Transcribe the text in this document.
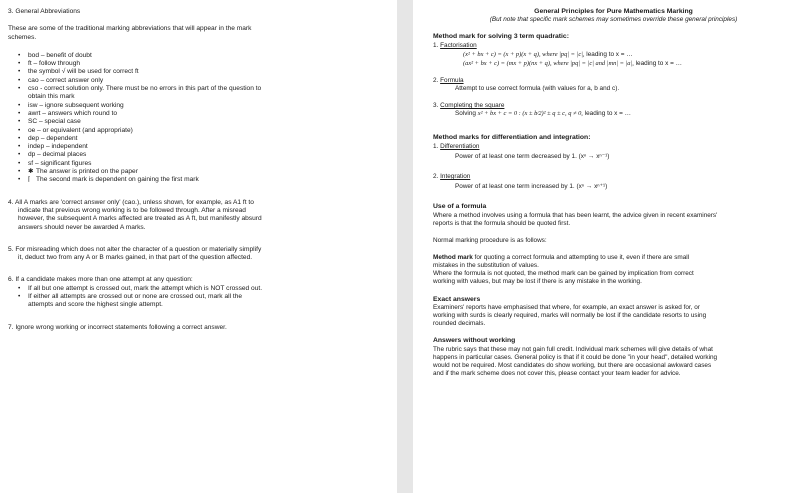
3. General Abbreviations

These are some of the traditional marking abbreviations that will appear in the mark
schemes.

• bod – benefit of doubt
• ft – follow through
• the symbol √ will be used for correct ft
• cao – correct answer only
• cso - correct solution only. There must be no errors in this part of the question to
obtain this mark
• isw – ignore subsequent working
• awrt – answers which round to
• SC – special case
• oe – or equivalent (and appropriate)
• dep – dependent
• indep – independent
• dp – decimal places
• sf – significant figures
• ✱ The answer is printed on the paper
• ⌈ The second mark is dependent on gaining the first mark

4. All A marks are 'correct answer only' (cao.), unless shown, for example, as A1 ft to
indicate that previous wrong working is to be followed through. After a misread
however, the subsequent A marks affected are treated as A ft, but manifestly absurd
answers should never be awarded A marks.

5. For misreading which does not alter the character of a question or materially simplify
it, deduct two from any A or B marks gained, in that part of the question affected.

6. If a candidate makes more than one attempt at any question:

• If all but one attempt is crossed out, mark the attempt which is NOT crossed out.
• If either all attempts are crossed out or none are crossed out, mark all the
attempts and score the highest single attempt.

7. Ignore wrong working or incorrect statements following a correct answer.

General Principles for Pure Mathematics Marking

(But note that specific mark schemes may sometimes override these general principles)

Method mark for solving 3 term quadratic:

1. Factorisation

(x² + bx + c) = (x + p)(x + q), where |pq| = |c|, leading to x = …

(ax² + bx + c) = (mx + p)(nx + q), where |pq| = |c| and |mn| = |a|, leading to x = …

2. Formula

Attempt to use correct formula (with values for a, b and c).

3. Completing the square

Solving x² + bx + c = 0 : (x ± b⁄2)² ± q ± c, q ≠ 0, leading to x = …

Method marks for differentiation and integration:

1. Differentiation

Power of at least one term decreased by 1. (xⁿ → xⁿ⁻¹)

2. Integration

Power of at least one term increased by 1. (xⁿ → xⁿ⁺¹)

Use of a formula

Where a method involves using a formula that has been learnt, the advice given in recent examiners'
reports is that the formula should be quoted first.

Normal marking procedure is as follows:

Method mark for quoting a correct formula and attempting to use it, even if there are small
mistakes in the substitution of values.
Where the formula is not quoted, the method mark can be gained by implication from correct
working with values, but may be lost if there is any mistake in the working.

Exact answers

Examiners' reports have emphasised that where, for example, an exact answer is asked for, or
working with surds is clearly required, marks will normally be lost if the candidate resorts to using
rounded decimals.

Answers without working

The rubric says that these may not gain full credit. Individual mark schemes will give details of what
happens in particular cases. General policy is that if it could be done "in your head", detailed working
would not be required. Most candidates do show working, but there are occasional awkward cases
and if the mark scheme does not cover this, please contact your team leader for advice.
